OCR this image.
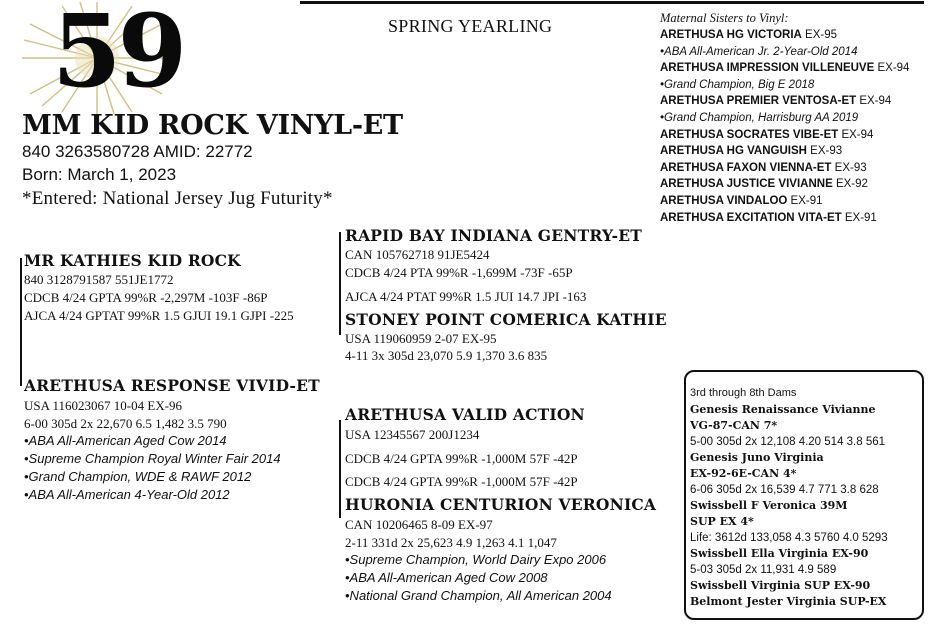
59	SPRING YEARLING
MM KID ROCK VINYL-ET
840 3263580728 AMID: 22772
Born: March 1, 2023
*Entered: National Jersey Jug Futurity*
Maternal Sisters to Vinyl:
ARETHUSA HG VICTORIA EX-95
•ABA All-American Jr. 2-Year-Old 2014
ARETHUSA IMPRESSION VILLENEUVE EX-94
•Grand Champion, Big E 2018
ARETHUSA PREMIER VENTOSA-ET EX-94
•Grand Champion, Harrisburg AA 2019
ARETHUSA SOCRATES VIBE-ET EX-94
ARETHUSA HG VANGUISH EX-93
ARETHUSA FAXON VIENNA-ET EX-93
ARETHUSA JUSTICE VIVIANNE EX-92
ARETHUSA VINDALOO EX-91
ARETHUSA EXCITATION VITA-ET EX-91
RAPID BAY INDIANA GENTRY-ET
CAN 105762718 91JE5424
CDCB 4/24 PTA 99%R -1,699M -73F -65P
AJCA 4/24 PTAT 99%R 1.5 JUI 14.7 JPI -163
MR KATHIES KID ROCK
840 3128791587 551JE1772
CDCB 4/24 GPTA 99%R -2,297M -103F -86P
AJCA 4/24 GPTAT 99%R 1.5 GJUI 19.1 GJPI -225	STONEY POINT COMERICA KATHIE
USA 119060959 2-07 EX-95
4-11 3x 305d 23,070 5.9 1,370 3.6 835
ARETHUSA RESPONSE VIVID-ET
USA 116023067 10-04 EX-96
6-00 305d 2x 22,670 6.5 1,482 3.5 790
•ABA All-American Aged Cow 2014
•Supreme Champion Royal Winter Fair 2014
•Grand Champion, WDE & RAWF 2012
•ABA All-American 4-Year-Old 2012
ARETHUSA VALID ACTION
USA 12345567 200J1234
CDCB 4/24 GPTA 99%R -1,000M 57F -42P
CDCB 4/24 GPTA 99%R -1,000M 57F -42P
HURONIA CENTURION VERONICA
CAN 10206465 8-09 EX-97
2-11 331d 2x 25,623 4.9 1,263 4.1 1,047
•Supreme Champion, World Dairy Expo 2006
•ABA All-American Aged Cow 2008
•National Grand Champion, All American 2004
3rd through 8th Dams
Genesis Renaissance Vivianne
VG-87-CAN 7*
5-00 305d 2x 12,108 4.20 514 3.8 561
Genesis Juno Virginia
EX-92-6E-CAN 4*
6-06 305d 2x 16,539 4.7 771 3.8 628
Swissbell F Veronica 39M
SUP EX 4*
Life: 3612d 133,058 4.3 5760 4.0 5293
Swissbell Ella Virginia EX-90
5-03 305d 2x 11,931 4.9 589
Swissbell Virginia SUP EX-90
Belmont Jester Virginia SUP-EX
